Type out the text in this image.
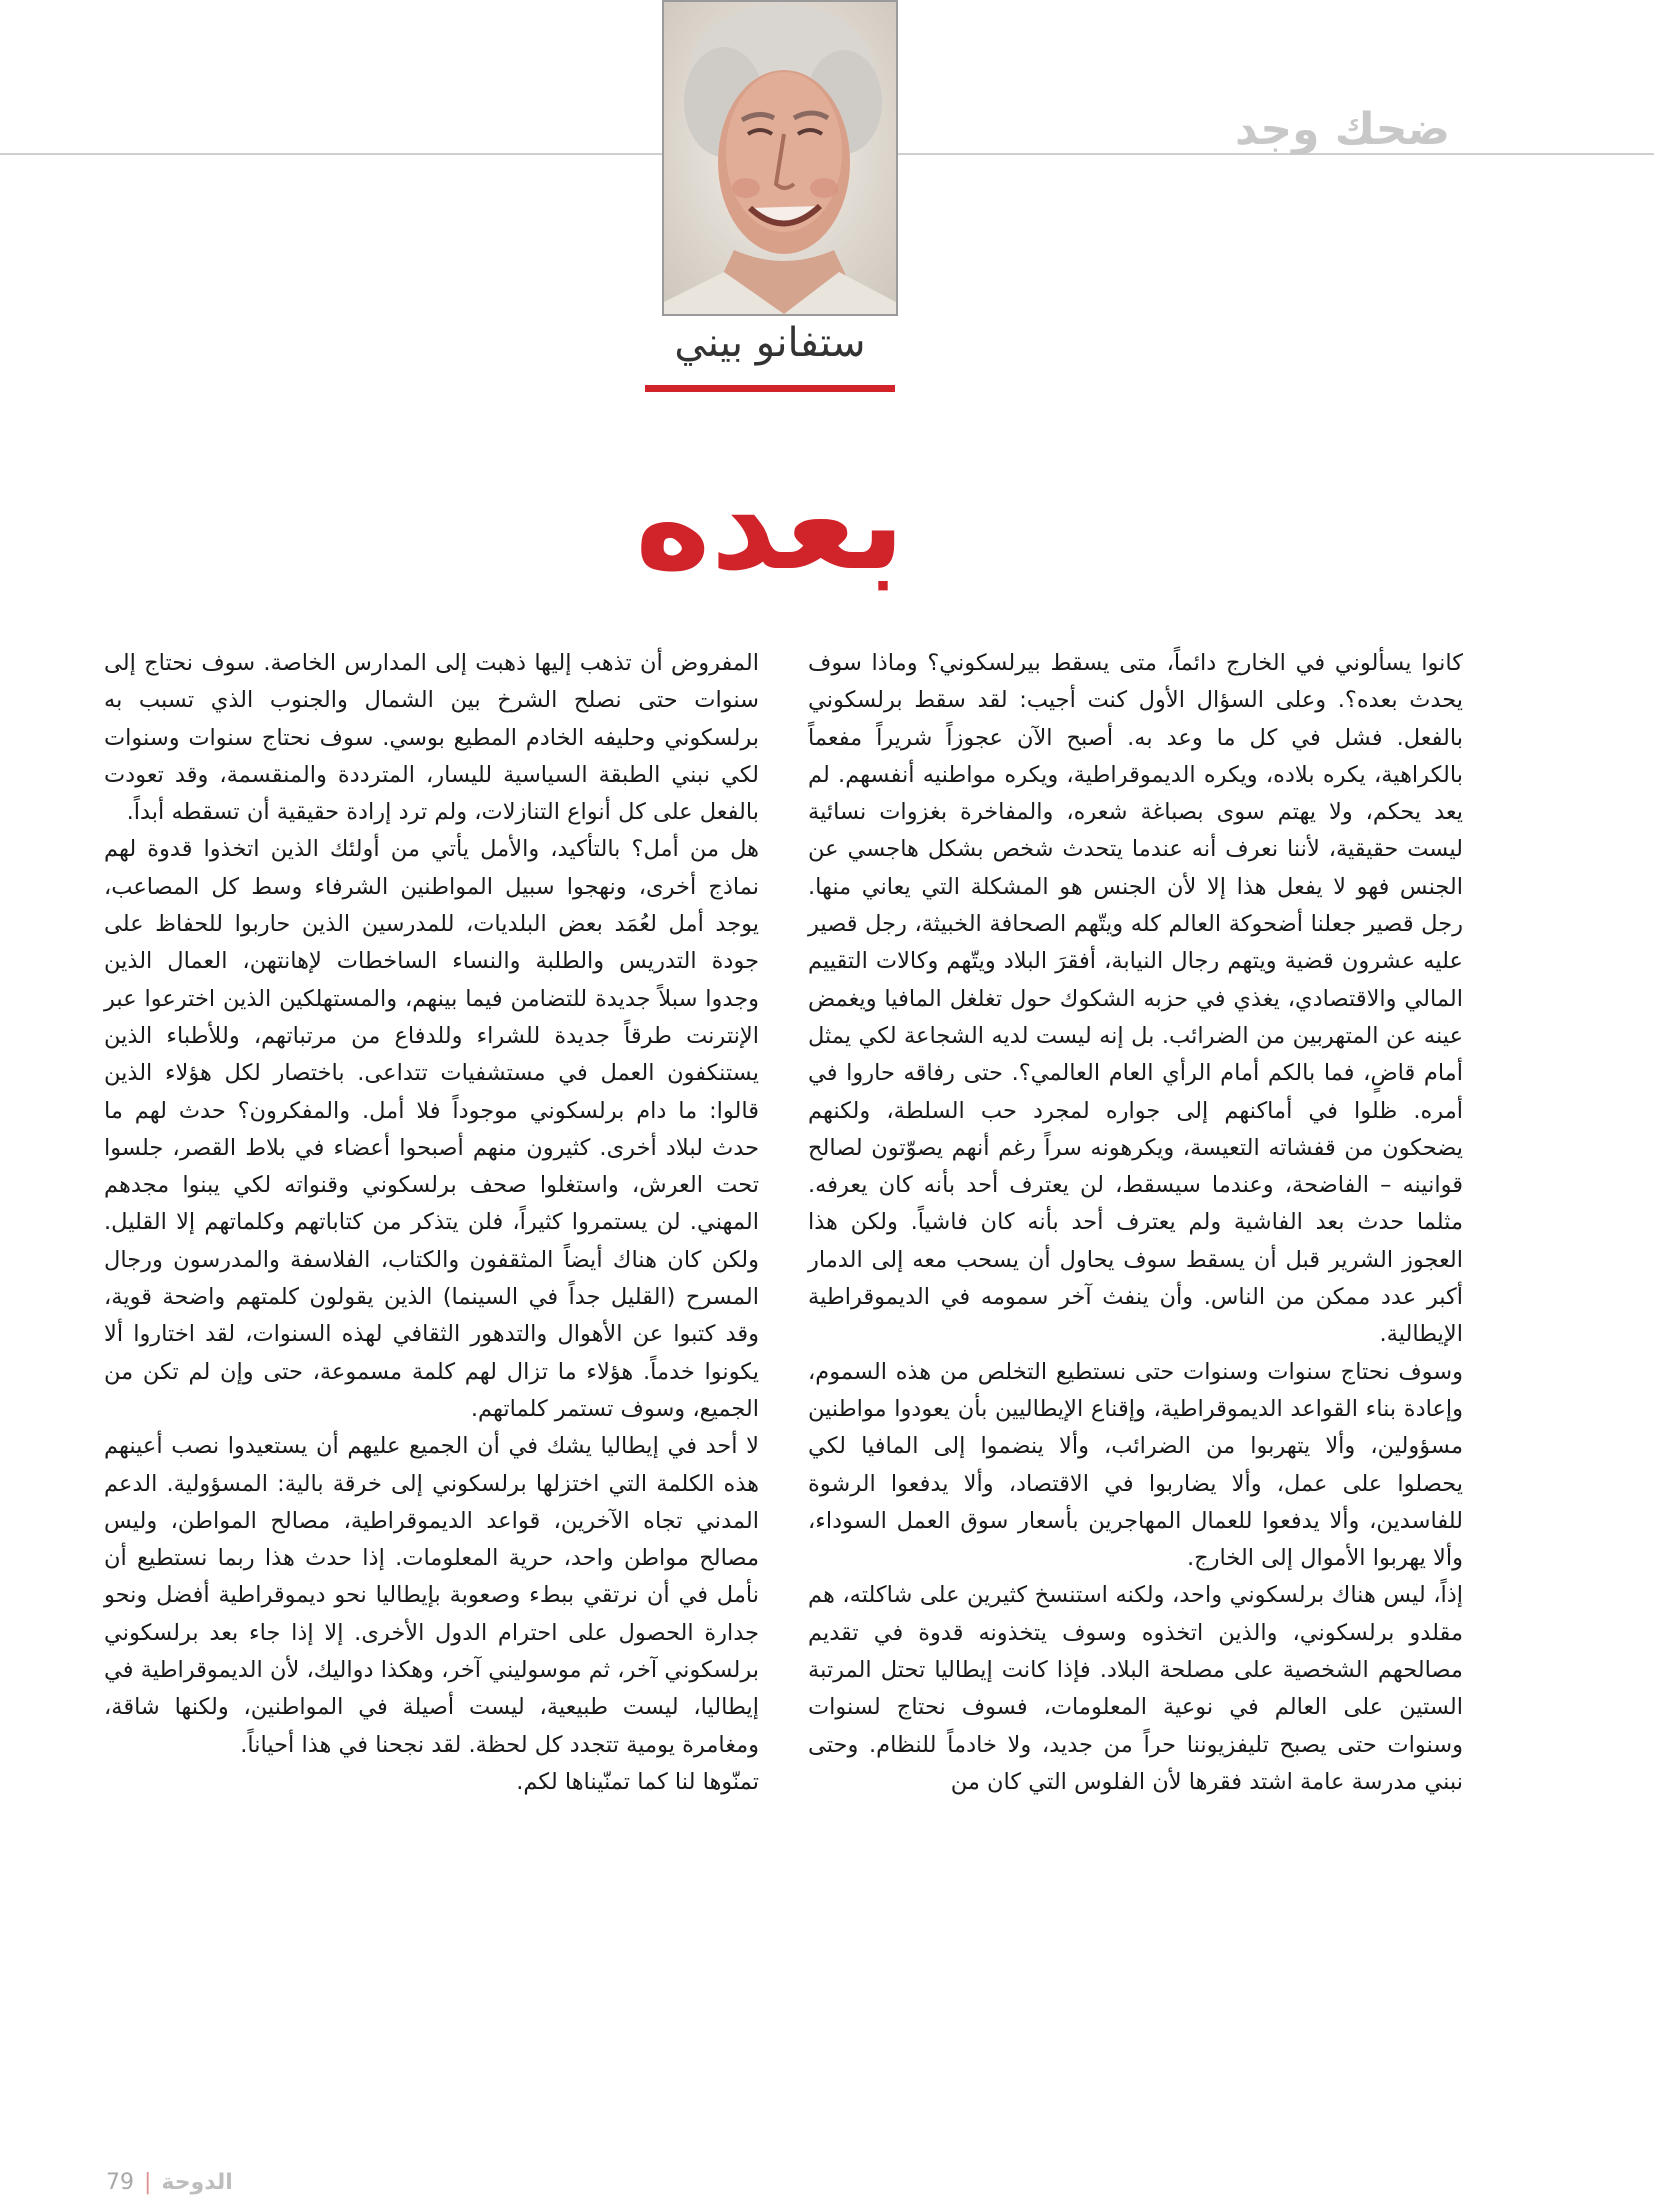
ضحك وجد
ستفانو بيني
بعده

كانوا يسألوني في الخارج دائماً، متى يسقط بيرلسكوني؟ وماذا سوف يحدث بعده؟. وعلى السؤال الأول كنت أجيب: لقد سقط برلسكوني بالفعل. فشل في كل ما وعد به. أصبح الآن عجوزاً شريراً مفعماً بالكراهية، يكره بلاده، ويكره الديموقراطية، ويكره مواطنيه أنفسهم. لم يعد يحكم، ولا يهتم سوى بصباغة شعره، والمفاخرة بغزوات نسائية ليست حقيقية، لأننا نعرف أنه عندما يتحدث شخص بشكل هاجسي عن الجنس فهو لا يفعل هذا إلا لأن الجنس هو المشكلة التي يعاني منها. رجل قصير جعلنا أضحوكة العالم كله ويتّهم الصحافة الخبيثة، رجل قصير عليه عشرون قضية ويتهم رجال النيابة، أفقرَ البلاد ويتّهم وكالات التقييم المالي والاقتصادي، يغذي في حزبه الشكوك حول تغلغل المافيا ويغمض عينه عن المتهربين من الضرائب. بل إنه ليست لديه الشجاعة لكي يمثل أمام قاضٍ، فما بالكم أمام الرأي العام العالمي؟. حتى رفاقه حاروا في أمره. ظلوا في أماكنهم إلى جواره لمجرد حب السلطة، ولكنهم يضحكون من قفشاته التعيسة، ويكرهونه سراً رغم أنهم يصوّتون لصالح قوانينه – الفاضحة، وعندما سيسقط، لن يعترف أحد بأنه كان يعرفه. مثلما حدث بعد الفاشية ولم يعترف أحد بأنه كان فاشياً. ولكن هذا العجوز الشرير قبل أن يسقط سوف يحاول أن يسحب معه إلى الدمار أكبر عدد ممكن من الناس. وأن ينفث آخر سمومه في الديموقراطية الإيطالية.

وسوف نحتاج سنوات وسنوات حتى نستطيع التخلص من هذه السموم، وإعادة بناء القواعد الديموقراطية، وإقناع الإيطاليين بأن يعودوا مواطنين مسؤولين، وألا يتهربوا من الضرائب، وألا ينضموا إلى المافيا لكي يحصلوا على عمل، وألا يضاربوا في الاقتصاد، وألا يدفعوا الرشوة للفاسدين، وألا يدفعوا للعمال المهاجرين بأسعار سوق العمل السوداء، وألا يهربوا الأموال إلى الخارج.

إذاً، ليس هناك برلسكوني واحد، ولكنه استنسخ كثيرين على شاكلته، هم مقلدو برلسكوني، والذين اتخذوه وسوف يتخذونه قدوة في تقديم مصالحهم الشخصية على مصلحة البلاد. فإذا كانت إيطاليا تحتل المرتبة الستين على العالم في نوعية المعلومات، فسوف نحتاج لسنوات وسنوات حتى يصبح تليفزيوننا حراً من جديد، ولا خادماً للنظام. وحتى نبني مدرسة عامة اشتد فقرها لأن الفلوس التي كان من

المفروض أن تذهب إليها ذهبت إلى المدارس الخاصة. سوف نحتاج إلى سنوات حتى نصلح الشرخ بين الشمال والجنوب الذي تسبب به برلسكوني وحليفه الخادم المطيع بوسي. سوف نحتاج سنوات وسنوات لكي نبني الطبقة السياسية لليسار، المترددة والمنقسمة، وقد تعودت بالفعل على كل أنواع التنازلات، ولم ترد إرادة حقيقية أن تسقطه أبداً.

هل من أمل؟ بالتأكيد، والأمل يأتي من أولئك الذين اتخذوا قدوة لهم نماذج أخرى، ونهجوا سبيل المواطنين الشرفاء وسط كل المصاعب، يوجد أمل لعُمَد بعض البلديات، للمدرسين الذين حاربوا للحفاظ على جودة التدريس والطلبة والنساء الساخطات لإهانتهن، العمال الذين وجدوا سبلاً جديدة للتضامن فيما بينهم، والمستهلكين الذين اخترعوا عبر الإنترنت طرقاً جديدة للشراء وللدفاع من مرتباتهم، وللأطباء الذين يستنكفون العمل في مستشفيات تتداعى. باختصار لكل هؤلاء الذين قالوا: ما دام برلسكوني موجوداً فلا أمل. والمفكرون؟ حدث لهم ما حدث لبلاد أخرى. كثيرون منهم أصبحوا أعضاء في بلاط القصر، جلسوا تحت العرش، واستغلوا صحف برلسكوني وقنواته لكي يبنوا مجدهم المهني. لن يستمروا كثيراً، فلن يتذكر من كتاباتهم وكلماتهم إلا القليل. ولكن كان هناك أيضاً المثقفون والكتاب، الفلاسفة والمدرسون ورجال المسرح (القليل جداً في السينما) الذين يقولون كلمتهم واضحة قوية، وقد كتبوا عن الأهوال والتدهور الثقافي لهذه السنوات، لقد اختاروا ألا يكونوا خدماً. هؤلاء ما تزال لهم كلمة مسموعة، حتى وإن لم تكن من الجميع، وسوف تستمر كلماتهم.

لا أحد في إيطاليا يشك في أن الجميع عليهم أن يستعيدوا نصب أعينهم هذه الكلمة التي اختزلها برلسكوني إلى خرقة بالية: المسؤولية. الدعم المدني تجاه الآخرين، قواعد الديموقراطية، مصالح المواطن، وليس مصالح مواطن واحد، حرية المعلومات. إذا حدث هذا ربما نستطيع أن نأمل في أن نرتقي ببطء وصعوبة بإيطاليا نحو ديموقراطية أفضل ونحو جدارة الحصول على احترام الدول الأخرى. إلا إذا جاء بعد برلسكوني برلسكوني آخر، ثم موسوليني آخر، وهكذا دواليك، لأن الديموقراطية في إيطاليا، ليست طبيعية، ليست أصيلة في المواطنين، ولكنها شاقة، ومغامرة يومية تتجدد كل لحظة. لقد نجحنا في هذا أحياناً.

تمنّوها لنا كما تمنّيناها لكم.

79 | الدوحة
